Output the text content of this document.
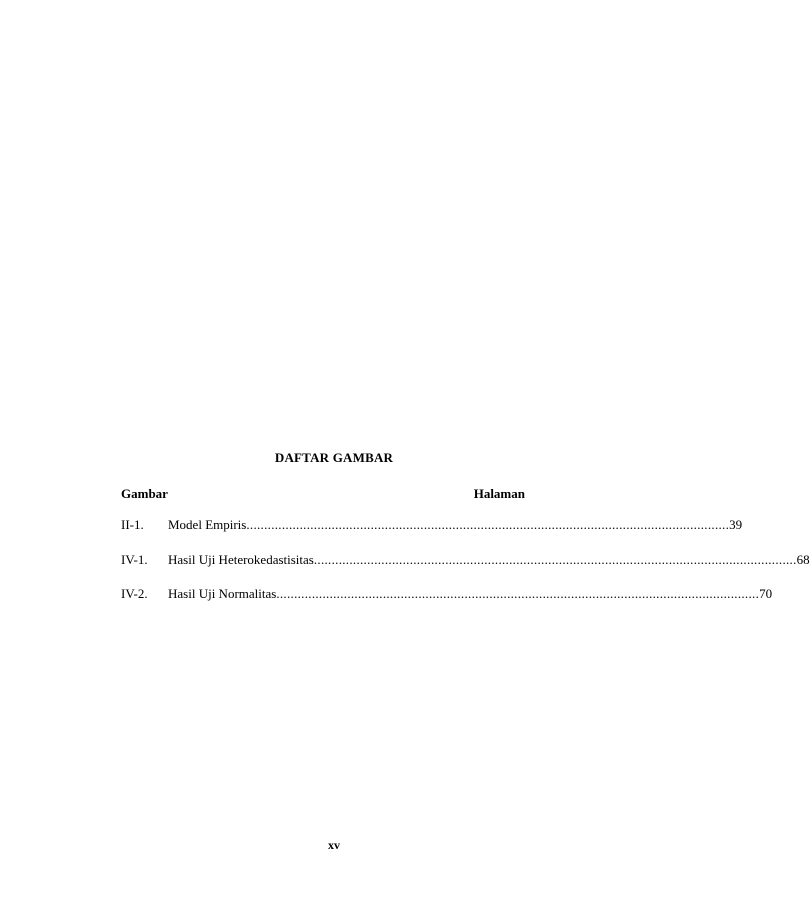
DAFTAR GAMBAR
Gambar	Halaman
II-1. Model Empiris ........................................................................................................................................ 39
IV-1. Hasil Uji Heterokedastisitas ........................................................................................................................................ 68
IV-2. Hasil Uji Normalitas ........................................................................................................................................ 70
xv
